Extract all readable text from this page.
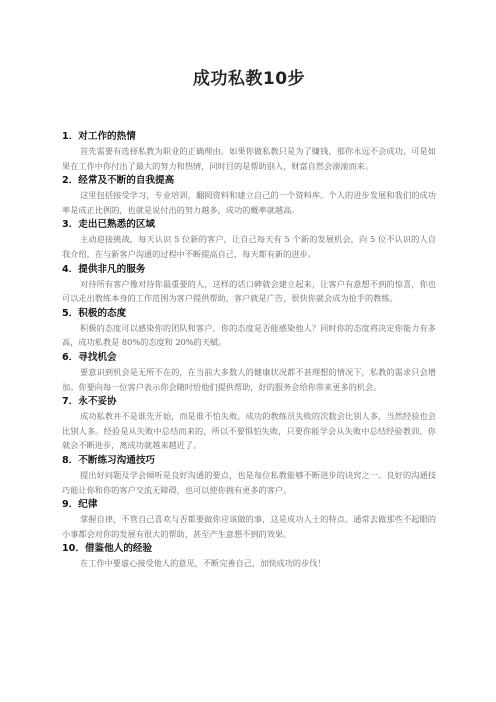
成功私教10步

1．对工作的热情

首先需要有选择私教为职业的正确理由。如果你做私教只是为了赚钱，那你永远不会成功。可是如果在工作中你付出了最大的努力和热情，同时目的是帮助别人，财富自然会滚滚而来。

2．经常及不断的自我提高

这里包括接受学习，专业培训，翻阅资料和建立自己的一个资料库。个人的进步发展和我们的成功率是成正比例的，也就是说付出的努力越多，成功的概率就越高。

3．走出已熟悉的区域

主动迎接挑战，每天认识 5 位新的客户，让自己每天有 5 个新的发展机会，向 5 位不认识的人自我介绍，在与新客户沟通的过程中不断提高自己，每天都有新的进步。

4．提供非凡的服务

对待所有客户像对待你最重要的人，这样的话口碑就会建立起来，让客户有意想不到的惊喜，你也可以走出教练本身的工作范围为客户提供帮助，客户就是广告，很快你就会成为抢手的教练。

5．积极的态度

积极的态度可以感染你的团队和客户，你的态度是否能感染他人？同时你的态度将决定你能力有多高，成功私教是 80%的态度和 20%的天赋。

6．寻找机会

要意识到机会是无所不在的，在当前大多数人的健康状况都不甚理想的情况下，私教的需求只会增加。你要向每一位客户表示你会随时给他们提供帮助，好的服务会给你带来更多的机会。

7．永不妥协

成功私教并不是谁先开始，而是谁不怕失败。成功的教练员失败的次数会比别人多，当然经验也会比别人多。经验是从失败中总结而来的，所以不要惧怕失败，只要你能学会从失败中总结经验教训，你就会不断进步，离成功就越来越近了。

8．不断练习沟通技巧

提出好问题及学会倾听是良好沟通的要点，也是每位私教能够不断进步的诀窍之一。良好的沟通技巧能让你和你的客户交流无障碍，也可以使你拥有更多的客户。

9．纪律

掌握自律，不管自己喜欢与否都要做你应该做的事，这是成功人士的特点。通常去做那些不起眼的小事都会对你的发展有很大的帮助，甚至产生意想不到的效果。

10．借鉴他人的经验

在工作中要虚心接受他人的意见，不断完善自己，加快成功的步伐！
